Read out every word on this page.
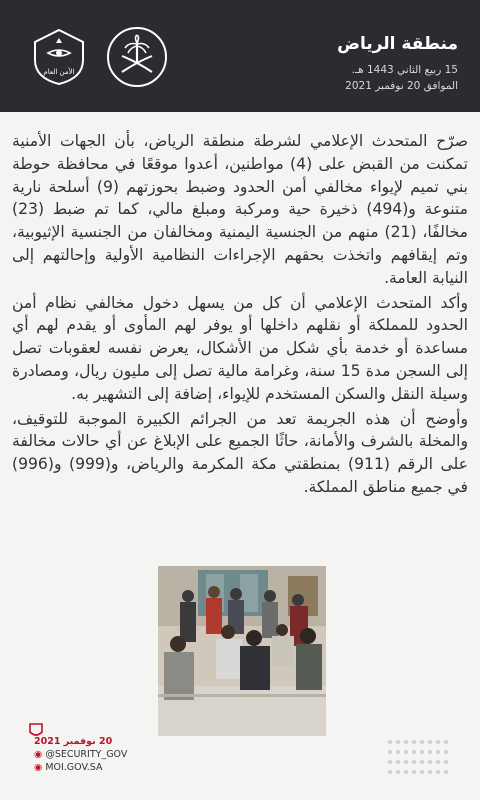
منطقة الرياض
15 ربيع الثاني 1443 هـ.
الموافق 20 نوفمبر 2021
الأمن العام

صرّح المتحدث الإعلامي لشرطة منطقة الرياض، بأن الجهات الأمنية تمكنت من القبض على (4) مواطنين، أعدوا موقعًا في محافظة حوطة بني تميم لإيواء مخالفي أمن الحدود وضبط بحوزتهم (9) أسلحة نارية متنوعة و(494) ذخيرة حية ومركبة ومبلغ مالي، كما تم ضبط (23) مخالفًا، (21) منهم من الجنسية اليمنية ومخالفان من الجنسية الإثيوبية، وتم إيقافهم واتخذت بحقهم الإجراءات النظامية الأولية وإحالتهم إلى النيابة العامة.

وأكد المتحدث الإعلامي أن كل من يسهل دخول مخالفي نظام أمن الحدود للمملكة أو نقلهم داخلها أو يوفر لهم المأوى أو يقدم لهم أي مساعدة أو خدمة بأي شكل من الأشكال، يعرض نفسه لعقوبات تصل إلى السجن مدة 15 سنة، وغرامة مالية تصل إلى مليون ريال، ومصادرة وسيلة النقل والسكن المستخدم للإيواء، إضافة إلى التشهير به.

وأوضح أن هذه الجريمة تعد من الجرائم الكبيرة الموجبة للتوقيف، والمخلة بالشرف والأمانة، حاثًا الجميع على الإبلاغ عن أي حالات مخالفة على الرقم (911) بمنطقتي مكة المكرمة والرياض، و(999) و(996) في جميع مناطق المملكة.

20 نوفمبر 2021
◉ @SECURITY_GOV
◉ MOI.GOV.SA
